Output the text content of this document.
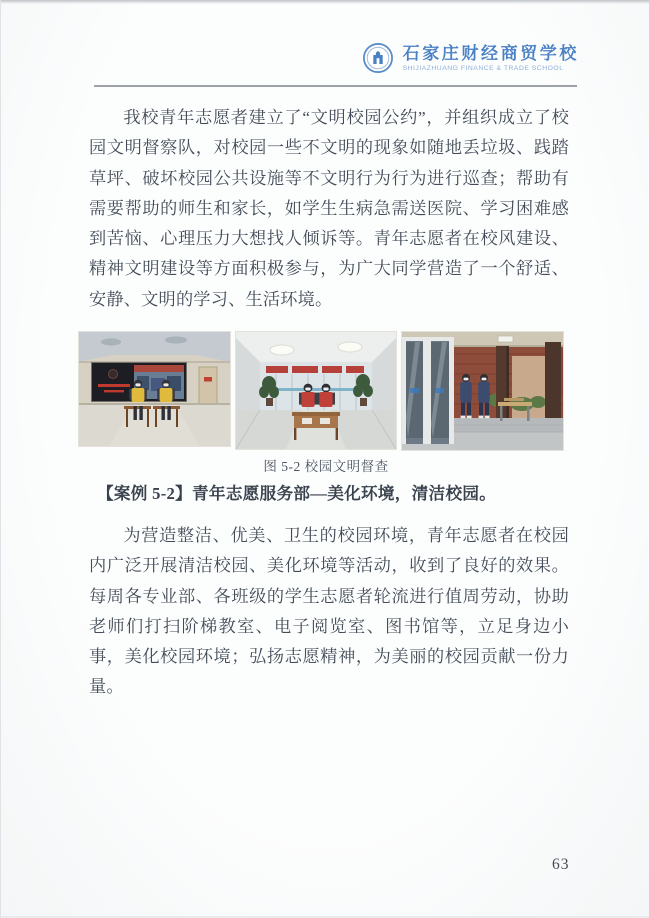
石家庄财经商贸学校
SHIJIAZHUANG FINANCE & TRADE SCHOOL

我校青年志愿者建立了“文明校园公约”，并组织成立了校园文明督察队，对校园一些不文明的现象如随地丢垃圾、践踏草坪、破坏校园公共设施等不文明行为行为进行巡查；帮助有需要帮助的师生和家长，如学生生病急需送医院、学习困难感到苦恼、心理压力大想找人倾诉等。青年志愿者在校风建设、精神文明建设等方面积极参与，为广大同学营造了一个舒适、安静、文明的学习、生活环境。

图 5-2 校园文明督查
【案例 5-2】青年志愿服务部—美化环境，清洁校园。

为营造整洁、优美、卫生的校园环境，青年志愿者在校园内广泛开展清洁校园、美化环境等活动，收到了良好的效果。每周各专业部、各班级的学生志愿者轮流进行值周劳动，协助老师们打扫阶梯教室、电子阅览室、图书馆等，立足身边小事，美化校园环境；弘扬志愿精神，为美丽的校园贡献一份力量。

63
